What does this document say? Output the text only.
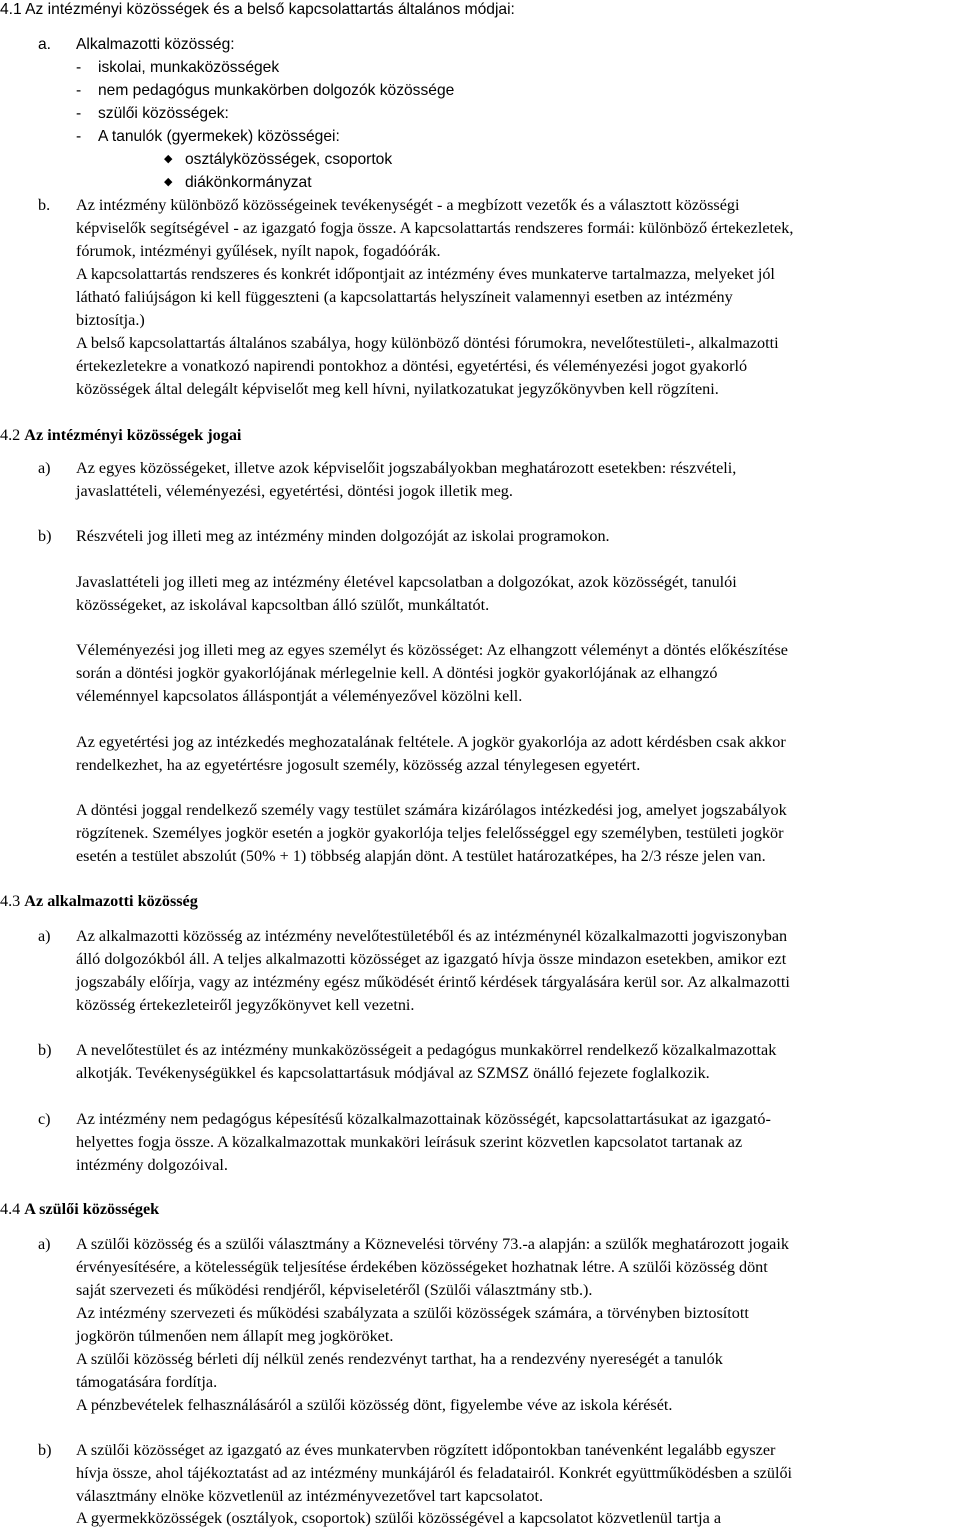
4.1 Az intézményi közösségek és a belső kapcsolattartás általános módjai:
a. Alkalmazotti közösség:
- iskolai, munkaközösségek
- nem pedagógus munkakörben dolgozók közössége
- szülői közösségek:
- A tanulók (gyermekek) közösségei:
◆ osztályközösségek, csoportok
◆ diákönkormányzat
b. Az intézmény különböző közösségeinek tevékenységét - a megbízott vezetők és a választott közösségi
képviselők segítségével - az igazgató fogja össze. A kapcsolattartás rendszeres formái: különböző értekezletek,
fórumok, intézményi gyűlések, nyílt napok, fogadóórák.
A kapcsolattartás rendszeres és konkrét időpontjait az intézmény éves munkaterve tartalmazza, melyeket jól
látható faliújságon ki kell függeszteni (a kapcsolattartás helyszíneit valamennyi esetben az intézmény
biztosítja.)
A belső kapcsolattartás általános szabálya, hogy különböző döntési fórumokra, nevelőtestületi-, alkalmazotti
értekezletekre a vonatkozó napirendi pontokhoz a döntési, egyetértési, és véleményezési jogot gyakorló
közösségek által delegált képviselőt meg kell hívni, nyilatkozatukat jegyzőkönyvben kell rögzíteni.
4.2 Az intézményi közösségek jogai
a) Az egyes közösségeket, illetve azok képviselőit jogszabályokban meghatározott esetekben: részvételi,
javaslattételi, véleményezési, egyetértési, döntési jogok illetik meg.
b) Részvételi jog illeti meg az intézmény minden dolgozóját az iskolai programokon.
Javaslattételi jog illeti meg az intézmény életével kapcsolatban a dolgozókat, azok közösségét, tanulói
közösségeket, az iskolával kapcsoltban álló szülőt, munkáltatót.
Véleményezési jog illeti meg az egyes személyt és közösséget: Az elhangzott véleményt a döntés előkészítése
során a döntési jogkör gyakorlójának mérlegelnie kell. A döntési jogkör gyakorlójának az elhangzó
véleménnyel kapcsolatos álláspontját a véleményezővel közölni kell.
Az egyetértési jog az intézkedés meghozatalának feltétele. A jogkör gyakorlója az adott kérdésben csak akkor
rendelkezhet, ha az egyetértésre jogosult személy, közösség azzal ténylegesen egyetért.
A döntési joggal rendelkező személy vagy testület számára kizárólagos intézkedési jog, amelyet jogszabályok
rögzítenek. Személyes jogkör esetén a jogkör gyakorlója teljes felelősséggel egy személyben, testületi jogkör
esetén a testület abszolút (50% + 1) többség alapján dönt. A testület határozatképes, ha 2/3 része jelen van.
4.3 Az alkalmazotti közösség
a) Az alkalmazotti közösség az intézmény nevelőtestületéből és az intézménynél közalkalmazotti jogviszonyban
álló dolgozókból áll. A teljes alkalmazotti közösséget az igazgató hívja össze mindazon esetekben, amikor ezt
jogszabály előírja, vagy az intézmény egész működését érintő kérdések tárgyalására kerül sor. Az alkalmazotti
közösség értekezleteiről jegyzőkönyvet kell vezetni.
b) A nevelőtestület és az intézmény munkaközösségeit a pedagógus munkakörrel rendelkező közalkalmazottak
alkotják. Tevékenységükkel és kapcsolattartásuk módjával az SZMSZ önálló fejezete foglalkozik.
c) Az intézmény nem pedagógus képesítésű közalkalmazottainak közösségét, kapcsolattartásukat az igazgató-
helyettes fogja össze. A közalkalmazottak munkaköri leírásuk szerint közvetlen kapcsolatot tartanak az
intézmény dolgozóival.
4.4 A szülői közösségek
a) A szülői közösség és a szülői választmány a Köznevelési törvény 73.-a alapján: a szülők meghatározott jogaik
érvényesítésére, a kötelességük teljesítése érdekében közösségeket hozhatnak létre. A szülői közösség dönt
saját szervezeti és működési rendjéről, képviseletéről (Szülői választmány stb.).
Az intézmény szervezeti és működési szabályzata a szülői közösségek számára, a törvényben biztosított
jogkörön túlmenően nem állapít meg jogköröket.
A szülői közösség bérleti díj nélkül zenés rendezvényt tarthat, ha a rendezvény nyereségét a tanulók
támogatására fordítja.
A pénzbevételek felhasználásáról a szülői közösség dönt, figyelembe véve az iskola kérését.
b) A szülői közösséget az igazgató az éves munkatervben rögzített időpontokban tanévenként legalább egyszer
hívja össze, ahol tájékoztatást ad az intézmény munkájáról és feladatairól. Konkrét együttműködésben a szülői
választmány elnöke közvetlenül az intézményvezetővel tart kapcsolatot.
A gyermekközösségek (osztályok, csoportok) szülői közösségével a kapcsolatot közvetlenül tartja a
